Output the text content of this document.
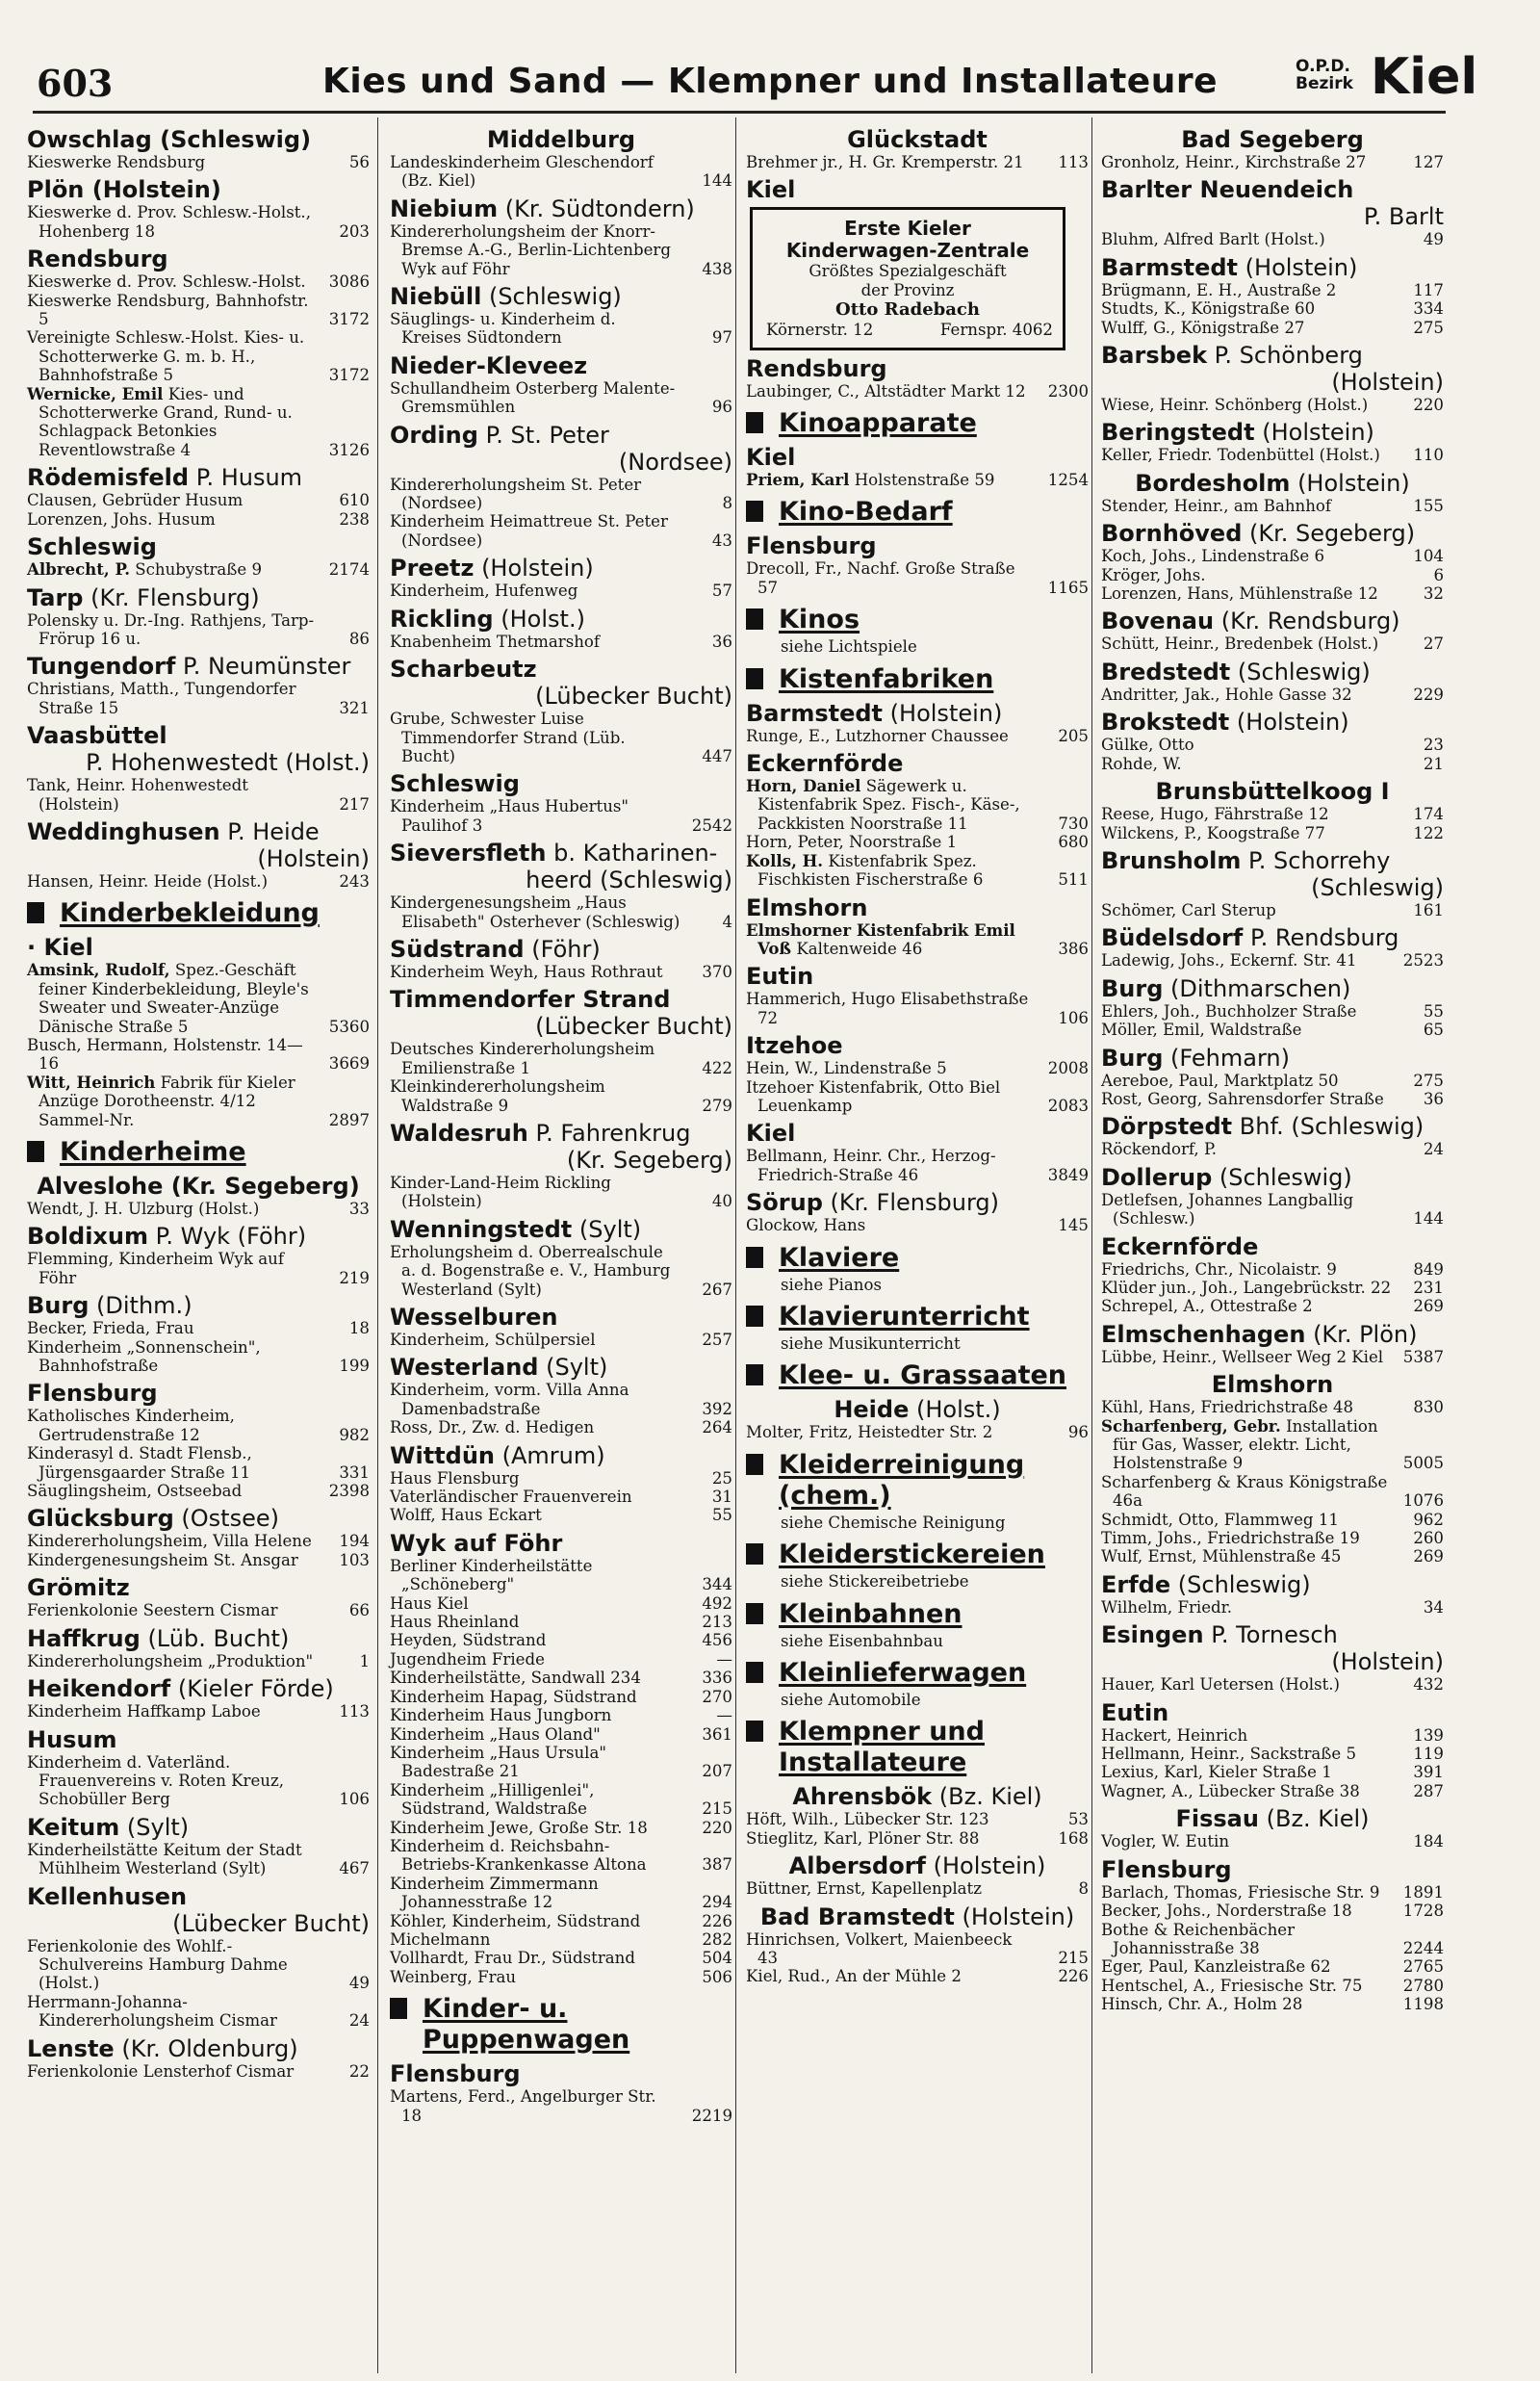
603	Kies und Sand — Klempner und Installateure	O.P.D.
Bezirk Kiel
Owschlag (Schleswig)
Kieswerke Rendsburg	56
Plön (Holstein)
Kieswerke d. Prov. Schlesw.-Holst., Hohenberg 18	203
Rendsburg
Kieswerke d. Prov. Schlesw.-Holst. 3086
Kieswerke Rendsburg, Bahnhofstr. 5	3172
Vereinigte Schlesw.-Holst. Kies- u. Schotterwerke G. m. b. H., Bahnhofstraße 5	3172
Wernicke, Emil Kies- und Schotterwerke Grand, Rund- u. Schlagpack Betonkies Reventlowstraße 4	3126
Rödemisfeld P. Husum
Clausen, Gebrüder Husum	610
Lorenzen, Johs. Husum	238
Schleswig
Albrecht, P. Schubystraße 9	2174
Tarp (Kr. Flensburg)
Polensky u. Dr.-Ing. Rathjens, Tarp-Frörup 16 u.	86
Tungendorf P. Neumünster
Christians, Matth., Tungendorfer Straße 15	321
Vaasbüttel
P. Hohenwestedt (Holst.)
Tank, Heinr. Hohenwestedt (Holstein)	217
Weddinghusen P. Heide
(Holstein)
Hansen, Heinr. Heide (Holst.)	243
Kinderbekleidung
· Kiel
Amsink, Rudolf, Spez.-Geschäft feiner Kinderbekleidung, Bleyle's Sweater und Sweater-Anzüge Dänische Straße 5	5360
Busch, Hermann, Holstenstr. 14—16	3669
Witt, Heinrich Fabrik für Kieler Anzüge Dorotheenstr. 4/12 Sammel-Nr.	2897
Kinderheime
Alveslohe (Kr. Segeberg)
Wendt, J. H. Ulzburg (Holst.)	33
Boldixum P. Wyk (Föhr)
Flemming, Kinderheim Wyk auf Föhr	219
Burg (Dithm.)
Becker, Frieda, Frau	18
Kinderheim „Sonnenschein", Bahnhofstraße	199
Flensburg
Katholisches Kinderheim, Gertrudenstraße 12	982
Kinderasyl d. Stadt Flensb., Jürgensgaarder Straße 11	331
Säuglingsheim, Ostseebad	2398
Glücksburg (Ostsee)
Kindererholungsheim, Villa Helene 194
Kindergenesungsheim St. Ansgar	103
Grömitz
Ferienkolonie Seestern Cismar	66
Haffkrug (Lüb. Bucht)
Kindererholungsheim „Produktion"	1
Heikendorf (Kieler Förde)
Kinderheim Haffkamp Laboe	113
Husum
Kinderheim d. Vaterländ. Frauenvereins v. Roten Kreuz, Schobüller Berg	106
Keitum (Sylt)
Kinderheilstätte Keitum der Stadt Mühlheim Westerland (Sylt)	467
Kellenhusen
(Lübecker Bucht)
Ferienkolonie des Wohlf.-Schulvereins Hamburg Dahme (Holst.)	49
Herrmann-Johanna-Kindererholungsheim Cismar	24
Lenste (Kr. Oldenburg)
Ferienkolonie Lensterhof Cismar	22
Middelburg
Landeskinderheim Gleschendorf (Bz. Kiel)	144
Niebium (Kr. Südtondern)
Kindererholungsheim der Knorr-Bremse A.-G., Berlin-Lichtenberg Wyk auf Föhr	438
Niebüll (Schleswig)
Säuglings- u. Kinderheim d. Kreises Südtondern	97
Nieder-Kleveez
Schullandheim Osterberg Malente-Gremsmühlen	96
Ording P. St. Peter
(Nordsee)
Kindererholungsheim St. Peter (Nordsee)	8
Kinderheim Heimattreue St. Peter (Nordsee)	43
Preetz (Holstein)
Kinderheim, Hufenweg	57
Rickling (Holst.)
Knabenheim Thetmarshof	36
Scharbeutz
(Lübecker Bucht)
Grube, Schwester Luise Timmendorfer Strand (Lüb. Bucht)	447
Schleswig
Kinderheim „Haus Hubertus" Paulihof 3	2542
Sieversfleth b. Katharinen-
heerd (Schleswig)
Kindergenesungsheim „Haus Elisabeth" Osterhever (Schleswig)	4
Südstrand (Föhr)
Kinderheim Weyh, Haus Rothraut 370
Timmendorfer Strand
(Lübecker Bucht)
Deutsches Kindererholungsheim Emilienstraße 1	422
Kleinkindererholungsheim Waldstraße 9	279
Waldesruh P. Fahrenkrug
(Kr. Segeberg)
Kinder-Land-Heim Rickling (Holstein)	40
Wenningstedt (Sylt)
Erholungsheim d. Oberrealschule a. d. Bogenstraße e. V., Hamburg Westerland (Sylt)	267
Wesselburen
Kinderheim, Schülpersiel	257
Westerland (Sylt)
Kinderheim, vorm. Villa Anna Damenbadstraße	392
Ross, Dr., Zw. d. Hedigen	264
Wittdün (Amrum)
Haus Flensburg	25
Vaterländischer Frauenverein	31
Wolff, Haus Eckart	55
Wyk auf Föhr
Berliner Kinderheilstätte „Schöneberg"	344
Haus Kiel	492
Haus Rheinland	213
Heyden, Südstrand	456
Jugendheim Friede	—
Kinderheilstätte, Sandwall 234	336
Kinderheim Hapag, Südstrand	270
Kinderheim Haus Jungborn	—
Kinderheim „Haus Oland"	361
Kinderheim „Haus Ursula" Badestraße 21	207
Kinderheim „Hilligenlei", Südstrand, Waldstraße	215
Kinderheim Jewe, Große Str. 18	220
Kinderheim d. Reichsbahn-Betriebs-Krankenkasse Altona	387
Kinderheim Zimmermann Johannesstraße 12	294
Köhler, Kinderheim, Südstrand	226
Michelmann	282
Vollhardt, Frau Dr., Südstrand	504
Weinberg, Frau	506
Kinder- u. Puppenwagen
Flensburg
Martens, Ferd., Angelburger Str. 18	2219
Glückstadt
Brehmer jr., H. Gr. Kremperstr. 21 113
Kiel
Erste Kieler
Kinderwagen-Zentrale
Größtes Spezialgeschäft
der Provinz
Otto Radebach
Körnerstr. 12	Fernspr. 4062
Rendsburg
Laubinger, C., Altstädter Markt 12 2300
Kinoapparate
Kiel
Priem, Karl Holstenstraße 59	1254
Kino-Bedarf
Flensburg
Drecoll, Fr., Nachf. Große Straße 57	1165
Kinos
siehe Lichtspiele
Kistenfabriken
Barmstedt (Holstein)
Runge, E., Lutzhorner Chaussee	205
Eckernförde
Horn, Daniel Sägewerk u. Kistenfabrik Spez. Fisch-, Käse-, Packkisten Noorstraße 11	730
Horn, Peter, Noorstraße 1	680
Kolls, H. Kistenfabrik Spez. Fischkisten Fischerstraße 6	511
Elmshorn
Elmshorner Kistenfabrik Emil Voß Kaltenweide 46	386
Eutin
Hammerich, Hugo Elisabethstraße 72	106
Itzehoe
Hein, W., Lindenstraße 5	2008
Itzehoer Kistenfabrik, Otto Biel Leuenkamp	2083
Kiel
Bellmann, Heinr. Chr., Herzog-Friedrich-Straße 46	3849
Sörup (Kr. Flensburg)
Glockow, Hans	145
Klaviere
siehe Pianos
Klavierunterricht
siehe Musikunterricht
Klee- u. Grassaaten
Heide (Holst.)
Molter, Fritz, Heistedter Str. 2	96
Kleiderreinigung (chem.)
siehe Chemische Reinigung
Kleiderstickereien
siehe Stickereibetriebe
Kleinbahnen
siehe Eisenbahnbau
Kleinlieferwagen
siehe Automobile
Klempner und Installateure
Ahrensbök (Bz. Kiel)
Höft, Wilh., Lübecker Str. 123	53
Stieglitz, Karl, Plöner Str. 88	168
Albersdorf (Holstein)
Büttner, Ernst, Kapellenplatz	8
Bad Bramstedt (Holstein)
Hinrichsen, Volkert, Maienbeeck 43	215
Kiel, Rud., An der Mühle 2	226
Bad Segeberg
Gronholz, Heinr., Kirchstraße 27	127
Barlter Neuendeich
P. Barlt
Bluhm, Alfred Barlt (Holst.)	49
Barmstedt (Holstein)
Brügmann, E. H., Austraße 2	117
Studts, K., Königstraße 60	334
Wulff, G., Königstraße 27	275
Barsbek P. Schönberg
(Holstein)
Wiese, Heinr. Schönberg (Holst.)	220
Beringstedt (Holstein)
Keller, Friedr. Todenbüttel (Holst.) 110
Bordesholm (Holstein)
Stender, Heinr., am Bahnhof	155
Bornhöved (Kr. Segeberg)
Koch, Johs., Lindenstraße 6	104
Kröger, Johs.	6
Lorenzen, Hans, Mühlenstraße 12	32
Bovenau (Kr. Rendsburg)
Schütt, Heinr., Bredenbek (Holst.)	27
Bredstedt (Schleswig)
Andritter, Jak., Hohle Gasse 32	229
Brokstedt (Holstein)
Gülke, Otto	23
Rohde, W.	21
Brunsbüttelkoog I
Reese, Hugo, Fährstraße 12	174
Wilckens, P., Koogstraße 77	122
Brunsholm P. Schorrehy
(Schleswig)
Schömer, Carl Sterup	161
Büdelsdorf P. Rendsburg
Ladewig, Johs., Eckernf. Str. 41	2523
Burg (Dithmarschen)
Ehlers, Joh., Buchholzer Straße	55
Möller, Emil, Waldstraße	65
Burg (Fehmarn)
Aereboe, Paul, Marktplatz 50	275
Rost, Georg, Sahrensdorfer Straße 36
Dörpstedt Bhf. (Schleswig)
Röckendorf, P.	24
Dollerup (Schleswig)
Detlefsen, Johannes Langballig (Schlesw.)	144
Eckernförde
Friedrichs, Chr., Nicolaistr. 9	849
Klüder jun., Joh., Langebrückstr. 22 231
Schrepel, A., Ottestraße 2	269
Elmschenhagen (Kr. Plön)
Lübbe, Heinr., Wellseer Weg 2 Kiel 5387
Elmshorn
Kühl, Hans, Friedrichstraße 48	830
Scharfenberg, Gebr. Installation für Gas, Wasser, elektr. Licht, Holstenstraße 9	5005
Scharfenberg & Kraus Königstraße 46a	1076
Schmidt, Otto, Flammweg 11	962
Timm, Johs., Friedrichstraße 19	260
Wulf, Ernst, Mühlenstraße 45	269
Erfde (Schleswig)
Wilhelm, Friedr.	34
Esingen P. Tornesch
(Holstein)
Hauer, Karl Uetersen (Holst.)	432
Eutin
Hackert, Heinrich	139
Hellmann, Heinr., Sackstraße 5	119
Lexius, Karl, Kieler Straße 1	391
Wagner, A., Lübecker Straße 38	287
Fissau (Bz. Kiel)
Vogler, W. Eutin	184
Flensburg
Barlach, Thomas, Friesische Str. 9 1891
Becker, Johs., Norderstraße 18	1728
Bothe & Reichenbächer Johannisstraße 38	2244
Eger, Paul, Kanzleistraße 62	2765
Hentschel, A., Friesische Str. 75	2780
Hinsch, Chr. A., Holm 28	1198
